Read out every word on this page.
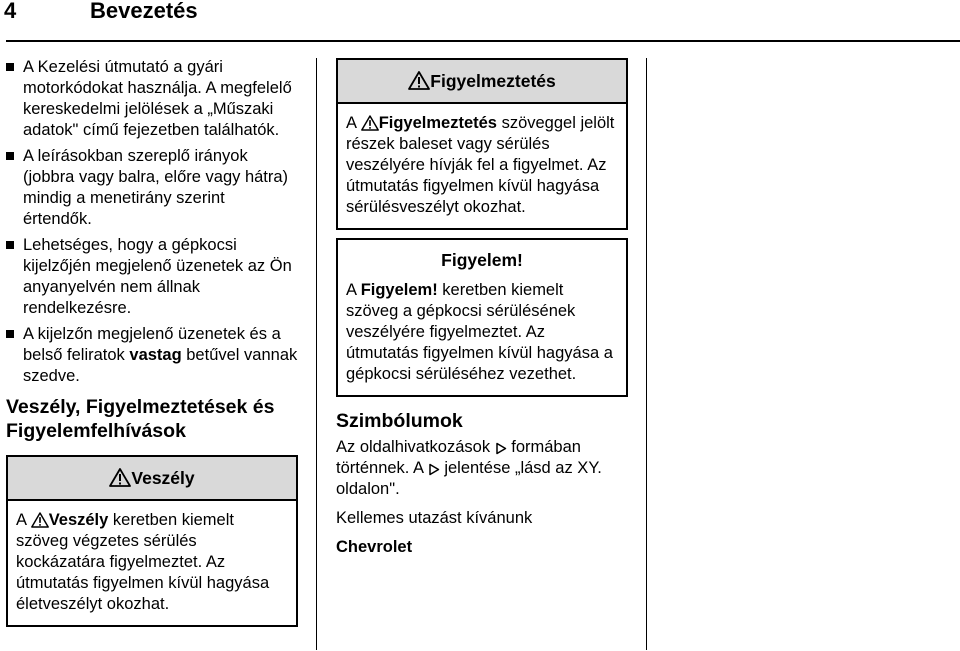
4	Bevezetés
A Kezelési útmutató a gyári motorkódokat használja. A megfelelő kereskedelmi jelölések a „Műszaki adatok" című fejezetben találhatók.
A leírásokban szereplő irányok (jobbra vagy balra, előre vagy hátra) mindig a menetirány szerint értendők.
Lehetséges, hogy a gépkocsi kijelzőjén megjelenő üzenetek az Ön anyanyelvén nem állnak rendelkezésre.
A kijelzőn megjelenő üzenetek és a belső feliratok vastag betűvel vannak szedve.
Veszély, Figyelmeztetések és Figyelemfelhívások
Veszély
A Veszély keretben kiemelt szöveg végzetes sérülés kockázatára figyelmeztet. Az útmutatás figyelmen kívül hagyása életveszélyt okozhat.
Figyelmeztetés
A Figyelmeztetés szöveggel jelölt részek baleset vagy sérülés veszélyére hívják fel a figyelmet. Az útmutatás figyelmen kívül hagyása sérülésveszélyt okozhat.
Figyelem!
A Figyelem! keretben kiemelt szöveg a gépkocsi sérülésének veszélyére figyelmeztet. Az útmutatás figyelmen kívül hagyása a gépkocsi sérüléséhez vezethet.
Szimbólumok
Az oldalhivatkozások  formában történnek. A  jelentése „lásd az XY. oldalon".
Kellemes utazást kívánunk
Chevrolet
